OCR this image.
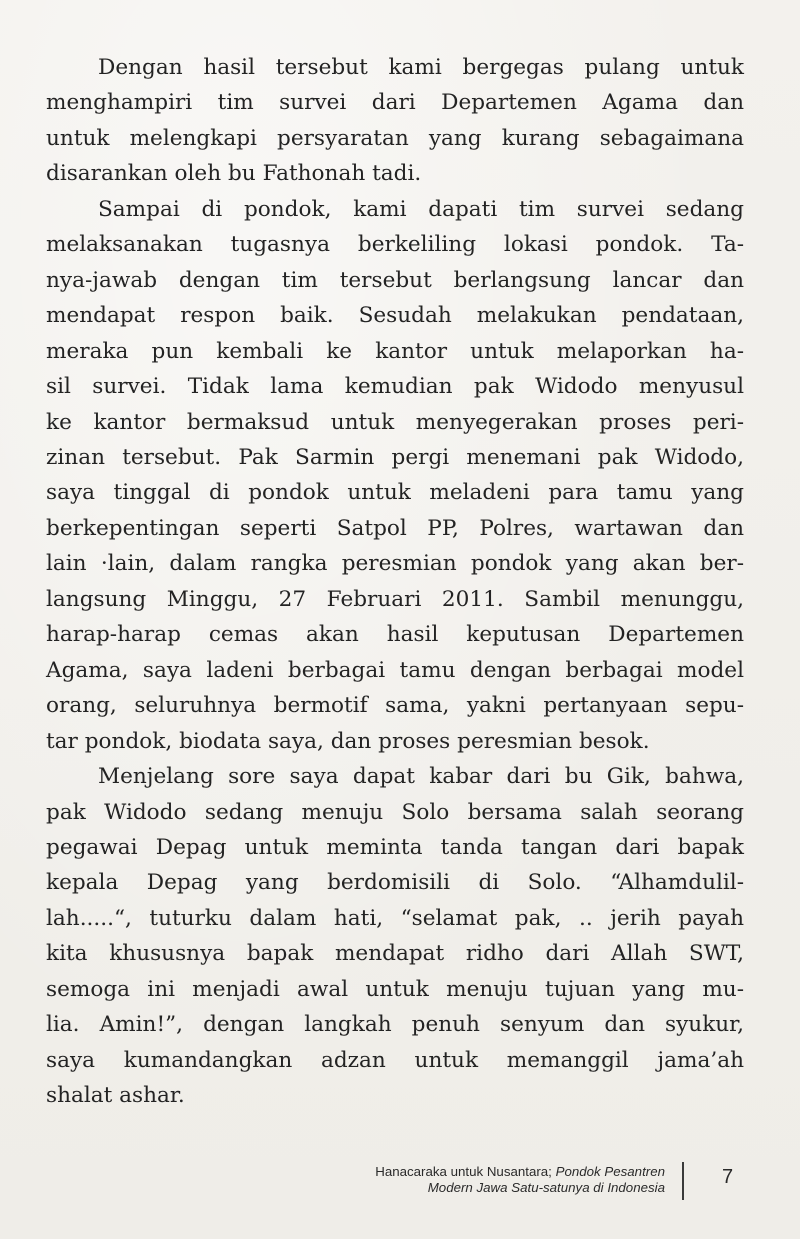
Dengan hasil tersebut kami bergegas pulang untuk
menghampiri tim survei dari Departemen Agama dan
untuk melengkapi persyaratan yang kurang sebagaimana
disarankan oleh bu Fathonah tadi.

Sampai di pondok, kami dapati tim survei sedang
melaksanakan tugasnya berkeliling lokasi pondok. Ta-
nya-jawab dengan tim tersebut berlangsung lancar dan
mendapat respon baik. Sesudah melakukan pendataan,
meraka pun kembali ke kantor untuk melaporkan ha-
sil survei. Tidak lama kemudian pak Widodo menyusul
ke kantor bermaksud untuk menyegerakan proses peri-
zinan tersebut. Pak Sarmin pergi menemani pak Widodo,
saya tinggal di pondok untuk meladeni para tamu yang
berkepentingan seperti Satpol PP, Polres, wartawan dan
lain ·lain, dalam rangka peresmian pondok yang akan ber-
langsung Minggu, 27 Februari 2011. Sambil menunggu,
harap-harap cemas akan hasil keputusan Departemen
Agama, saya ladeni berbagai tamu dengan berbagai model
orang, seluruhnya bermotif sama, yakni pertanyaan sepu-
tar pondok, biodata saya, dan proses peresmian besok.

Menjelang sore saya dapat kabar dari bu Gik, bahwa,
pak Widodo sedang menuju Solo bersama salah seorang
pegawai Depag untuk meminta tanda tangan dari bapak
kepala Depag yang berdomisili di Solo. “Alhamdulil-
lah.....“, tuturku dalam hati, “selamat pak, .. jerih payah
kita khususnya bapak mendapat ridho dari Allah SWT,
semoga ini menjadi awal untuk menuju tujuan yang mu-
lia. Amin!”, dengan langkah penuh senyum dan syukur,
saya kumandangkan adzan untuk memanggil jama’ah
shalat ashar.

Hanacaraka untuk Nusantara; Pondok Pesantren
Modern Jawa Satu-satunya di Indonesia	7
